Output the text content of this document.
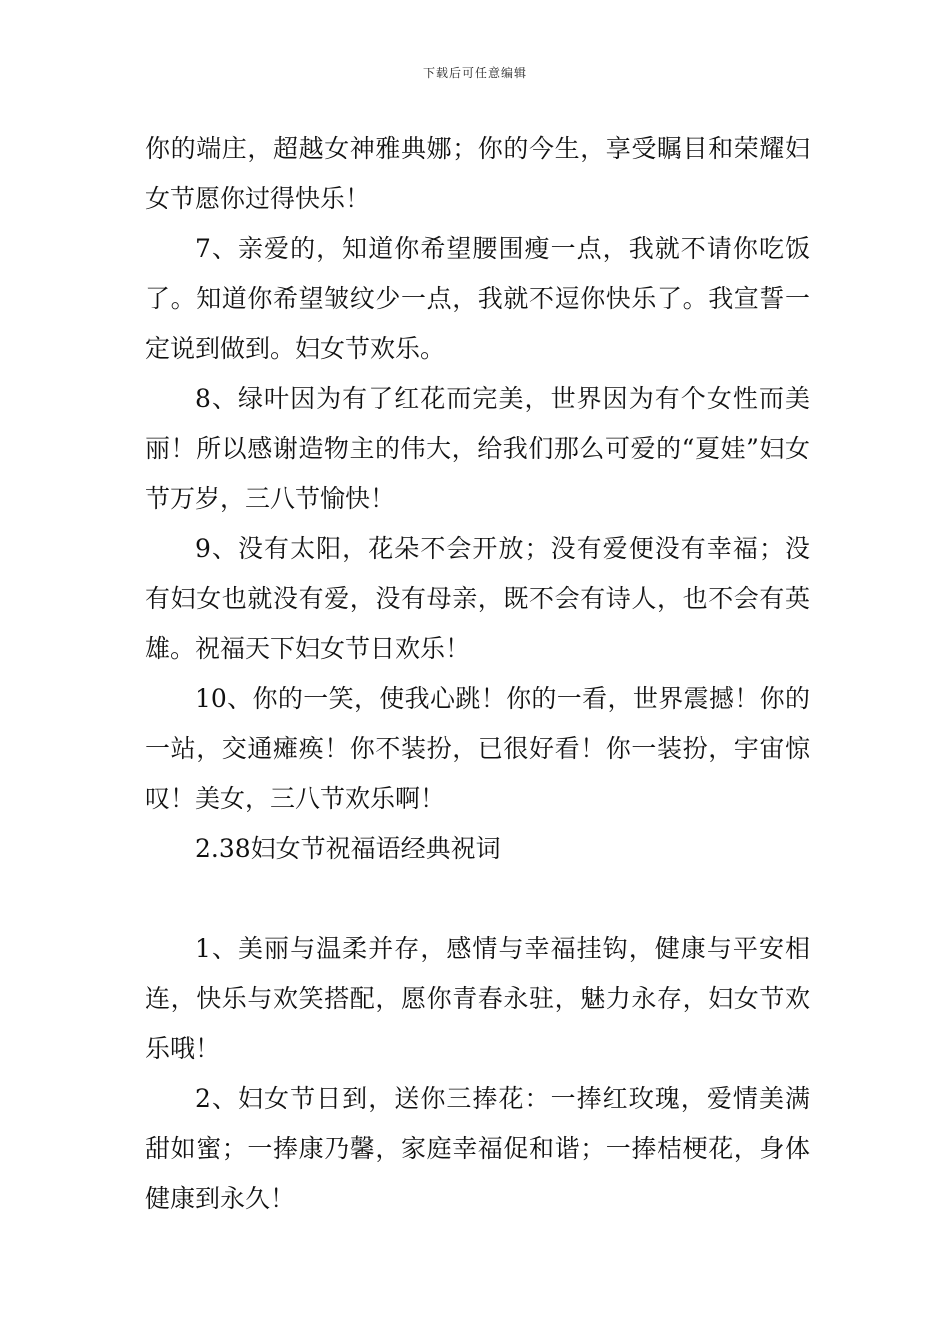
下载后可任意编辑

你的端庄，超越女神雅典娜；你的今生，享受瞩目和荣耀妇女节愿你过得快乐！

7、亲爱的，知道你希望腰围瘦一点，我就不请你吃饭了。知道你希望皱纹少一点，我就不逗你快乐了。我宣誓一定说到做到。妇女节欢乐。

8、绿叶因为有了红花而完美，世界因为有个女性而美丽！所以感谢造物主的伟大，给我们那么可爱的“夏娃”妇女节万岁，三八节愉快！

9、没有太阳，花朵不会开放；没有爱便没有幸福；没有妇女也就没有爱，没有母亲，既不会有诗人，也不会有英雄。祝福天下妇女节日欢乐！

10、你的一笑，使我心跳！你的一看，世界震撼！你的一站，交通瘫痪！你不装扮，已很好看！你一装扮，宇宙惊叹！美女，三八节欢乐啊！

2.38妇女节祝福语经典祝词

1、美丽与温柔并存，感情与幸福挂钩，健康与平安相连，快乐与欢笑搭配，愿你青春永驻，魅力永存，妇女节欢乐哦！

2、妇女节日到，送你三捧花：一捧红玫瑰，爱情美满甜如蜜；一捧康乃馨，家庭幸福促和谐；一捧桔梗花，身体健康到永久！
